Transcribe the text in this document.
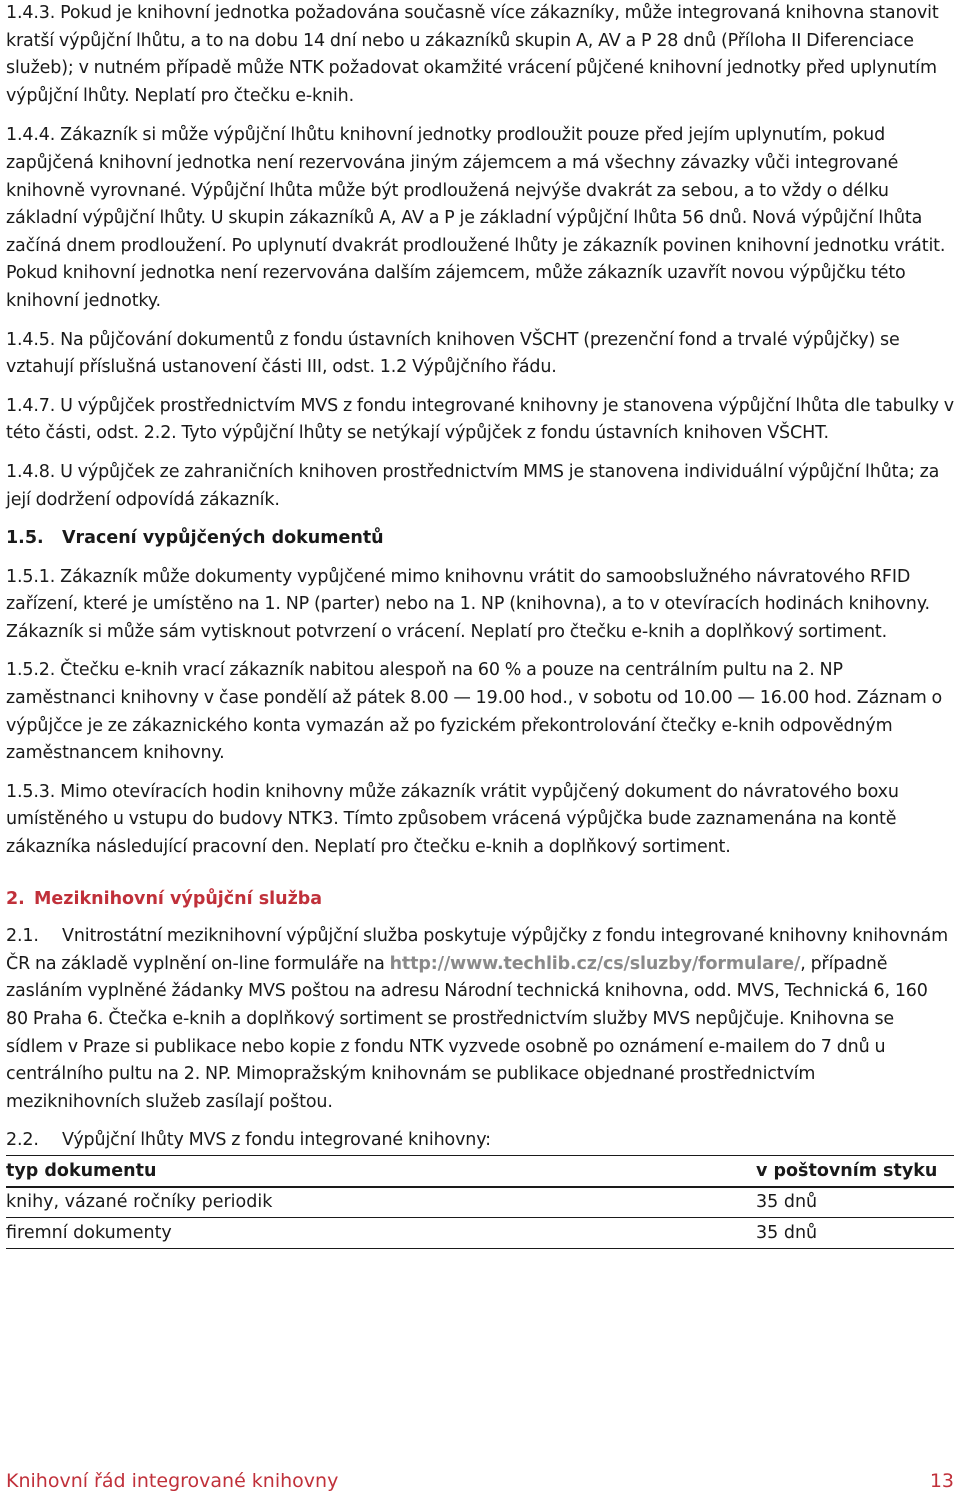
1.4.3. Pokud je knihovní jednotka požadována současně více zákazníky, může integrovaná knihovna stanovit kratší výpůjční lhůtu, a to na dobu 14 dní nebo u zákazníků skupin A, AV a P 28 dnů (Příloha II Diferenciace služeb); v nutném případě může NTK požadovat okamžité vrácení půjčené knihovní jednotky před uplynutím výpůjční lhůty. Neplatí pro čtečku e-knih.

1.4.4. Zákazník si může výpůjční lhůtu knihovní jednotky prodloužit pouze před jejím uplynutím, pokud zapůjčená knihovní jednotka není rezervována jiným zájemcem a má všechny závazky vůči integrované knihovně vyrovnané. Výpůjční lhůta může být prodloužená nejvýše dvakrát za sebou, a to vždy o délku základní výpůjční lhůty. U skupin zákazníků A, AV a P je základní výpůjční lhůta 56 dnů. Nová výpůjční lhůta začíná dnem prodloužení. Po uplynutí dvakrát prodloužené lhůty je zákazník povinen knihovní jednotku vrátit. Pokud knihovní jednotka není rezervována dalším zájemcem, může zákazník uzavřít novou výpůjčku této knihovní jednotky.

1.4.5. Na půjčování dokumentů z fondu ústavních knihoven VŠCHT (prezenční fond a trvalé výpůjčky) se vztahují příslušná ustanovení části III, odst. 1.2 Výpůjčního řádu.

1.4.7. U výpůjček prostřednictvím MVS z fondu integrované knihovny je stanovena výpůjční lhůta dle tabulky v této části, odst. 2.2. Tyto výpůjční lhůty se netýkají výpůjček z fondu ústavních knihoven VŠCHT.

1.4.8. U výpůjček ze zahraničních knihoven prostřednictvím MMS je stanovena individuální výpůjční lhůta; za její dodržení odpovídá zákazník.

1.5. Vracení vypůjčených dokumentů

1.5.1. Zákazník může dokumenty vypůjčené mimo knihovnu vrátit do samoobslužného návratového RFID zařízení, které je umístěno na 1. NP (parter) nebo na 1. NP (knihovna), a to v otevíracích hodinách knihovny. Zákazník si může sám vytisknout potvrzení o vrácení. Neplatí pro čtečku e-knih a doplňkový sortiment.

1.5.2. Čtečku e-knih vrací zákazník nabitou alespoň na 60 % a pouze na centrálním pultu na 2. NP zaměstnanci knihovny v čase pondělí až pátek 8.00 — 19.00 hod., v sobotu od 10.00 — 16.00 hod. Záznam o výpůjčce je ze zákaznického konta vymazán až po fyzickém překontrolování čtečky e-knih odpovědným zaměstnancem knihovny.

1.5.3. Mimo otevíracích hodin knihovny může zákazník vrátit vypůjčený dokument do návratového boxu umístěného u vstupu do budovy NTK3. Tímto způsobem vrácená výpůjčka bude zaznamenána na kontě zákazníka následující pracovní den. Neplatí pro čtečku e-knih a doplňkový sortiment.

2. Meziknihovní výpůjční služba

2.1. Vnitrostátní meziknihovní výpůjční služba poskytuje výpůjčky z fondu integrované knihovny knihovnám ČR na základě vyplnění on-line formuláře na http://www.techlib.cz/cs/sluzby/formulare/, případně zasláním vyplněné žádanky MVS poštou na adresu Národní technická knihovna, odd. MVS, Technická 6, 160 80 Praha 6. Čtečka e-knih a doplňkový sortiment se prostřednictvím služby MVS nepůjčuje. Knihovna se sídlem v Praze si publikace nebo kopie z fondu NTK vyzvede osobně po oznámení e-mailem do 7 dnů u centrálního pultu na 2. NP. Mimopražským knihovnám se publikace objednané prostřednictvím meziknihovních služeb zasílají poštou.

2.2. Výpůjční lhůty MVS z fondu integrované knihovny:

typ dokumentu	v poštovním styku
knihy, vázané ročníky periodik	35 dnů
firemní dokumenty	35 dnů
Knihovní řád integrované knihovny	13
